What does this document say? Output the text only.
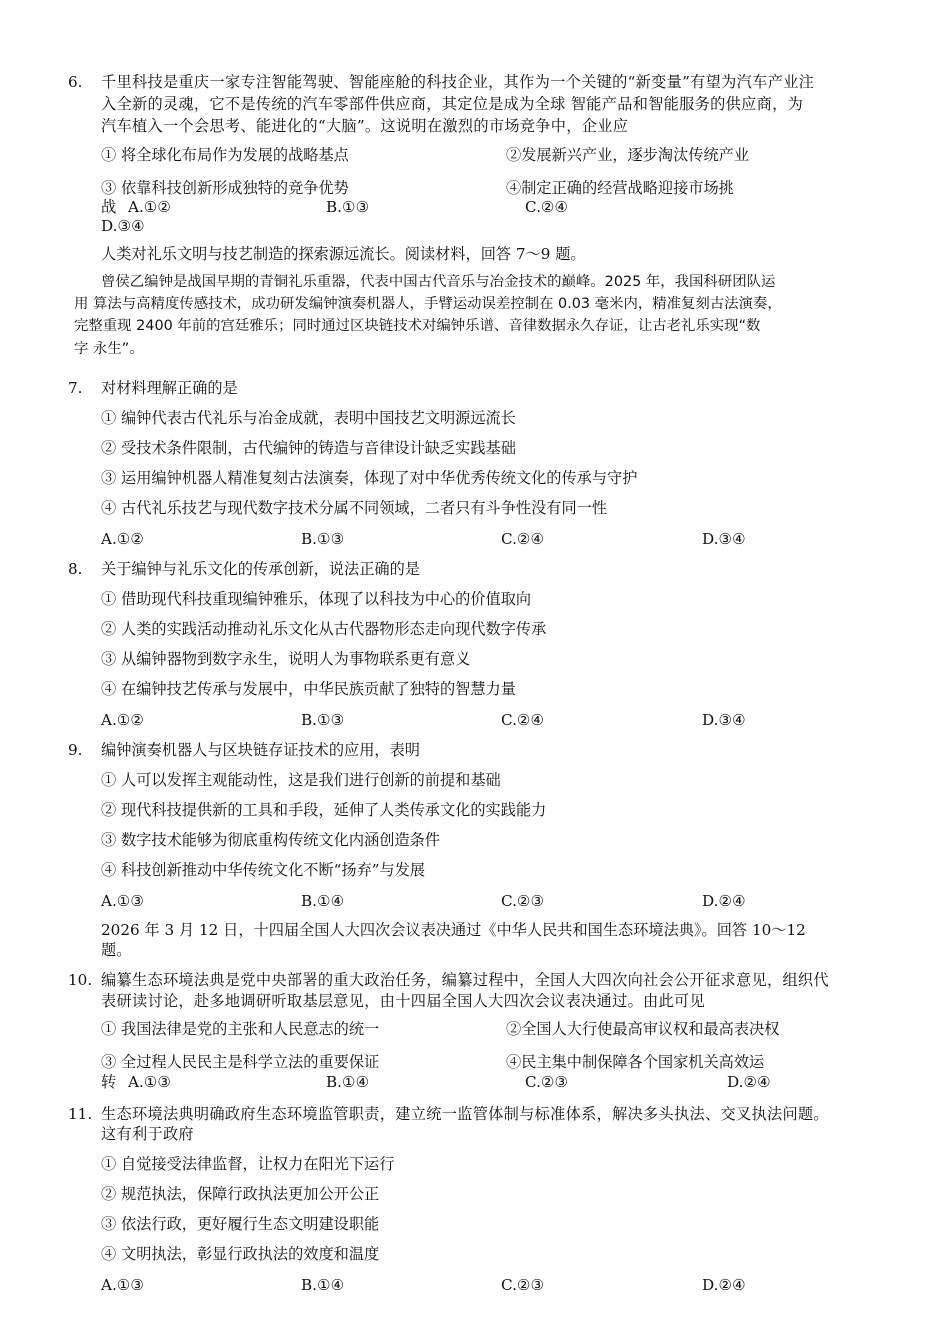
6. 千里科技是重庆一家专注智能驾驶、智能座舱的科技企业，其作为一个关键的“新变量”有望为汽车产业注
入全新的灵魂，它不是传统的汽车零部件供应商，其定位是成为全球 智能产品和智能服务的供应商，为
汽车植入一个会思考、能进化的“大脑”。这说明在激烈的市场竞争中，企业应
① 将全球化布局作为发展的战略基点	②发展新兴产业，逐步淘汰传统产业
③ 依靠科技创新形成独特的竞争优势	④制定正确的经营战略迎接市场挑
战 A.①②	B.①③	C.②④
D.③④
人类对礼乐文明与技艺制造的探索源远流长。阅读材料，回答 7～9 题。
曾侯乙编钟是战国早期的青铜礼乐重器，代表中国古代音乐与冶金技术的巅峰。2025 年，我国科研团队运
用 算法与高精度传感技术，成功研发编钟演奏机器人，手臂运动误差控制在 0.03 毫米内，精准复刻古法演奏，
完整重现 2400 年前的宫廷雅乐；同时通过区块链技术对编钟乐谱、音律数据永久存证，让古老礼乐实现“数
字 永生”。
7. 对材料理解正确的是
① 编钟代表古代礼乐与冶金成就，表明中国技艺文明源远流长
② 受技术条件限制，古代编钟的铸造与音律设计缺乏实践基础
③ 运用编钟机器人精准复刻古法演奏，体现了对中华优秀传统文化的传承与守护
④ 古代礼乐技艺与现代数字技术分属不同领域，二者只有斗争性没有同一性
A.①②	B.①③	C.②④	D.③④
8. 关于编钟与礼乐文化的传承创新，说法正确的是
① 借助现代科技重现编钟雅乐，体现了以科技为中心的价值取向
② 人类的实践活动推动礼乐文化从古代器物形态走向现代数字传承
③ 从编钟器物到数字永生，说明人为事物联系更有意义
④ 在编钟技艺传承与发展中，中华民族贡献了独特的智慧力量
A.①②	B.①③	C.②④	D.③④
9. 编钟演奏机器人与区块链存证技术的应用，表明
① 人可以发挥主观能动性，这是我们进行创新的前提和基础
② 现代科技提供新的工具和手段，延伸了人类传承文化的实践能力
③ 数字技术能够为彻底重构传统文化内涵创造条件
④ 科技创新推动中华传统文化不断“扬弃”与发展
A.①③	B.①④	C.②③	D.②④
2026 年 3 月 12 日，十四届全国人大四次会议表决通过《中华人民共和国生态环境法典》。回答 10～12
题。
10. 编纂生态环境法典是党中央部署的重大政治任务，编纂过程中，全国人大四次向社会公开征求意见，组织代
表研读讨论，赴多地调研听取基层意见，由十四届全国人大四次会议表决通过。由此可见
① 我国法律是党的主张和人民意志的统一	②全国人大行使最高审议权和最高表决权
③ 全过程人民民主是科学立法的重要保证	④民主集中制保障各个国家机关高效运
转 A.①③	B.①④	C.②③	D.②④
11. 生态环境法典明确政府生态环境监管职责，建立统一监管体制与标准体系，解决多头执法、交叉执法问题。
这有利于政府
① 自觉接受法律监督，让权力在阳光下运行
② 规范执法，保障行政执法更加公开公正
③ 依法行政，更好履行生态文明建设职能
④ 文明执法，彰显行政执法的效度和温度
A.①③	B.①④	C.②③	D.②④
